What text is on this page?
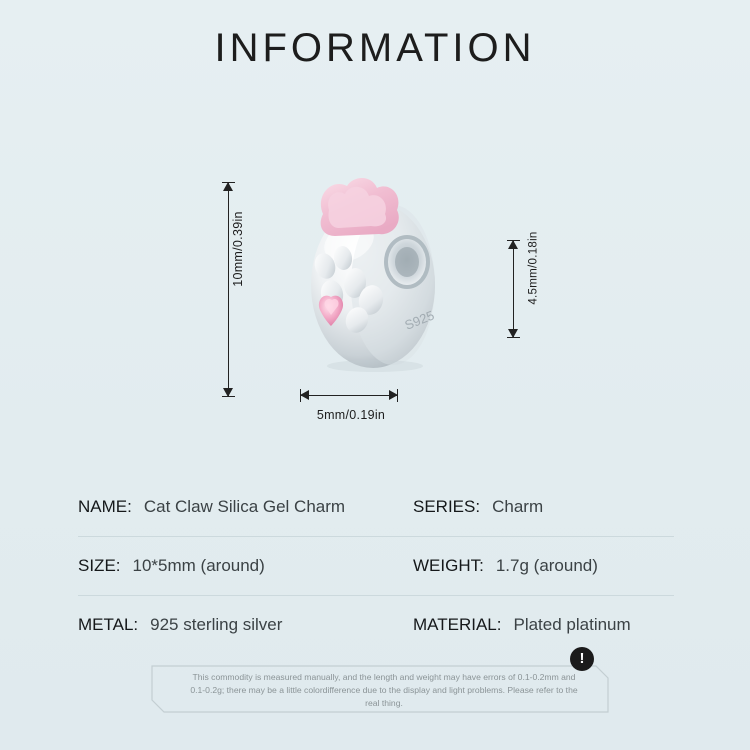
INFORMATION
S925
10mm/0.39in	4.5mm/0.18in
5mm/0.19in
NAME: Cat Claw Silica Gel Charm	SERIES: Charm
SIZE: 10*5mm (around)	WEIGHT: 1.7g (around)
METAL: 925 sterling silver	MATERIAL: Plated platinum
!
This commodity is measured manually, and the length and weight may have errors of 0.1-0.2mm and 0.1-0.2g; there may be a little colordifference due to the display and light problems. Please refer to the real thing.
